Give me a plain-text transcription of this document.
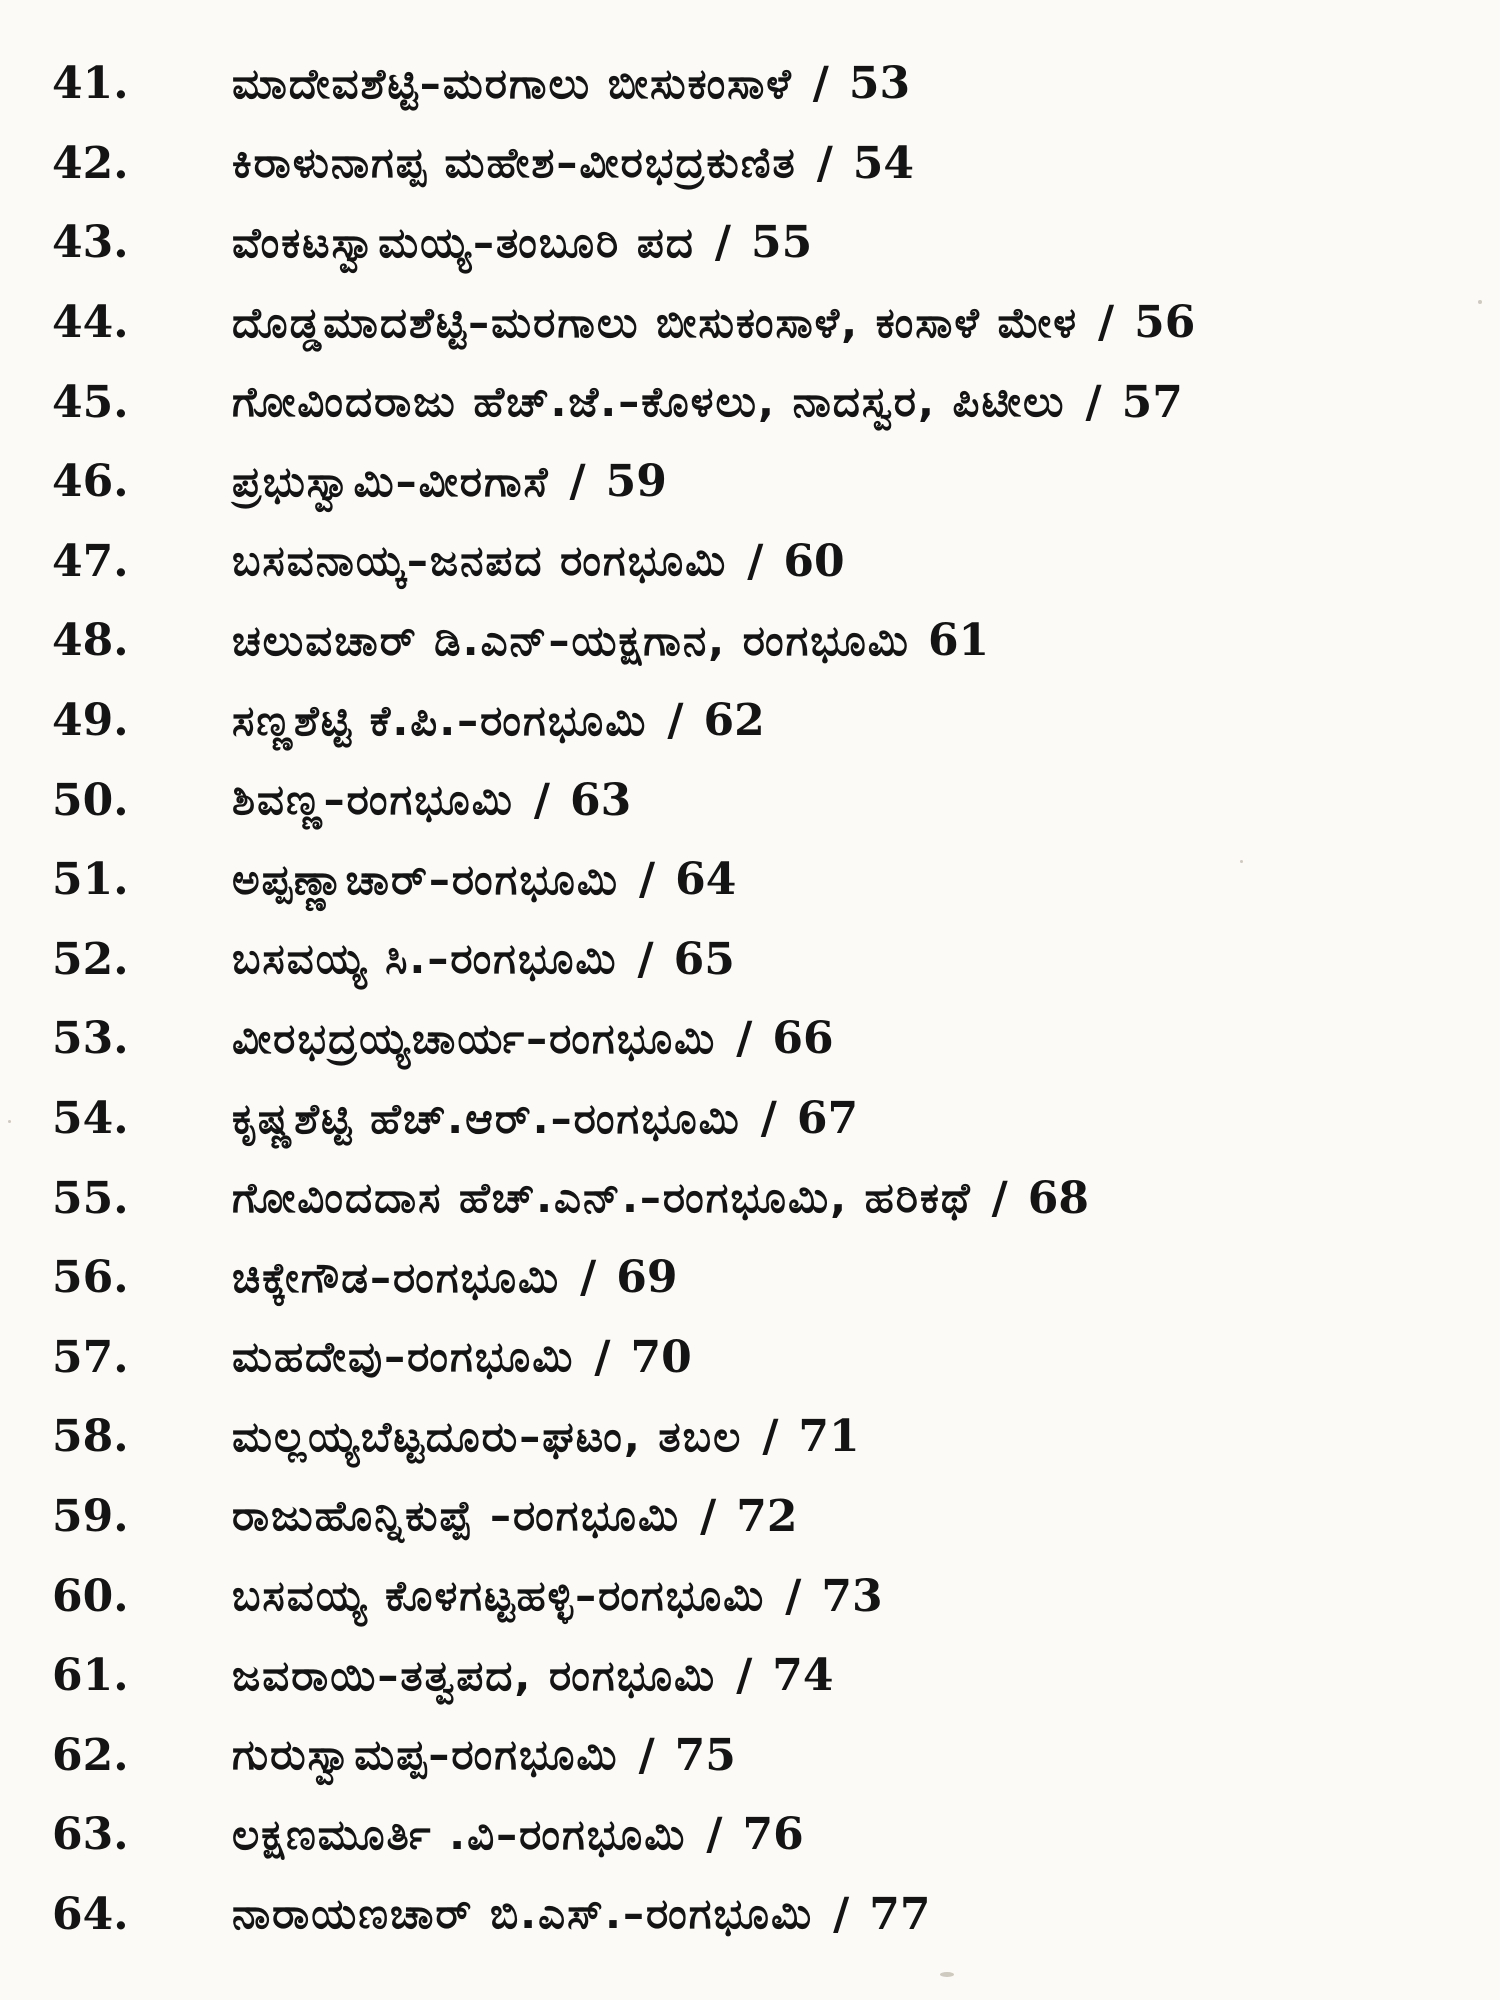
41.	ಮಾದೇವಶೆಟ್ಟಿ–ಮರಗಾಲು ಬೀಸುಕಂಸಾಳೆ / 53
42.	ಕಿರಾಳುನಾಗಪ್ಪ ಮಹೇಶ–ವೀರಭದ್ರಕುಣಿತ / 54
43.	ವೆಂಕಟಸ್ವಾಮಯ್ಯ–ತಂಬೂರಿ ಪದ / 55
44.	ದೊಡ್ಡಮಾದಶೆಟ್ಟಿ–ಮರಗಾಲು ಬೀಸುಕಂಸಾಳೆ, ಕಂಸಾಳೆ ಮೇಳ / 56
45.	ಗೋವಿಂದರಾಜು ಹೆಚ್.ಜೆ.–ಕೊಳಲು, ನಾದಸ್ವರ, ಪಿಟೀಲು / 57
46.	ಪ್ರಭುಸ್ವಾಮಿ–ವೀರಗಾಸೆ / 59
47.	ಬಸವನಾಯ್ಕ–ಜನಪದ ರಂಗಭೂಮಿ / 60
48.	ಚಲುವಚಾರ್ ಡಿ.ಎನ್–ಯಕ್ಷಗಾನ, ರಂಗಭೂಮಿ 61
49.	ಸಣ್ಣಶೆಟ್ಟಿ ಕೆ.ಪಿ.–ರಂಗಭೂಮಿ / 62
50.	ಶಿವಣ್ಣ–ರಂಗಭೂಮಿ / 63
51.	ಅಪ್ಪಣ್ಣಾಚಾರ್–ರಂಗಭೂಮಿ / 64
52.	ಬಸವಯ್ಯ ಸಿ.–ರಂಗಭೂಮಿ / 65
53.	ವೀರಭದ್ರಯ್ಯಚಾರ್ಯ–ರಂಗಭೂಮಿ / 66
54.	ಕೃಷ್ಣಶೆಟ್ಟಿ ಹೆಚ್.ಆರ್.–ರಂಗಭೂಮಿ / 67
55.	ಗೋವಿಂದದಾಸ ಹೆಚ್.ಎನ್.–ರಂಗಭೂಮಿ, ಹರಿಕಥೆ / 68
56.	ಚಿಕ್ಕೇಗೌಡ–ರಂಗಭೂಮಿ / 69
57.	ಮಹದೇವು–ರಂಗಭೂಮಿ / 70
58.	ಮಲ್ಲಯ್ಯಬೆಟ್ಟದೂರು–ಘಟಂ, ತಬಲ / 71
59.	ರಾಜುಹೊನ್ನಿಕುಪ್ಪೆ –ರಂಗಭೂಮಿ / 72
60.	ಬಸವಯ್ಯ ಕೊಳಗಟ್ಟಹಳ್ಳಿ–ರಂಗಭೂಮಿ / 73
61.	ಜವರಾಯಿ–ತತ್ವಪದ, ರಂಗಭೂಮಿ / 74
62.	ಗುರುಸ್ವಾಮಪ್ಪ–ರಂಗಭೂಮಿ / 75
63.	ಲಕ್ಷಣಮೂರ್ತಿ .ವಿ–ರಂಗಭೂಮಿ / 76
64.	ನಾರಾಯಣಚಾರ್ ಬಿ.ಎಸ್.–ರಂಗಭೂಮಿ / 77
